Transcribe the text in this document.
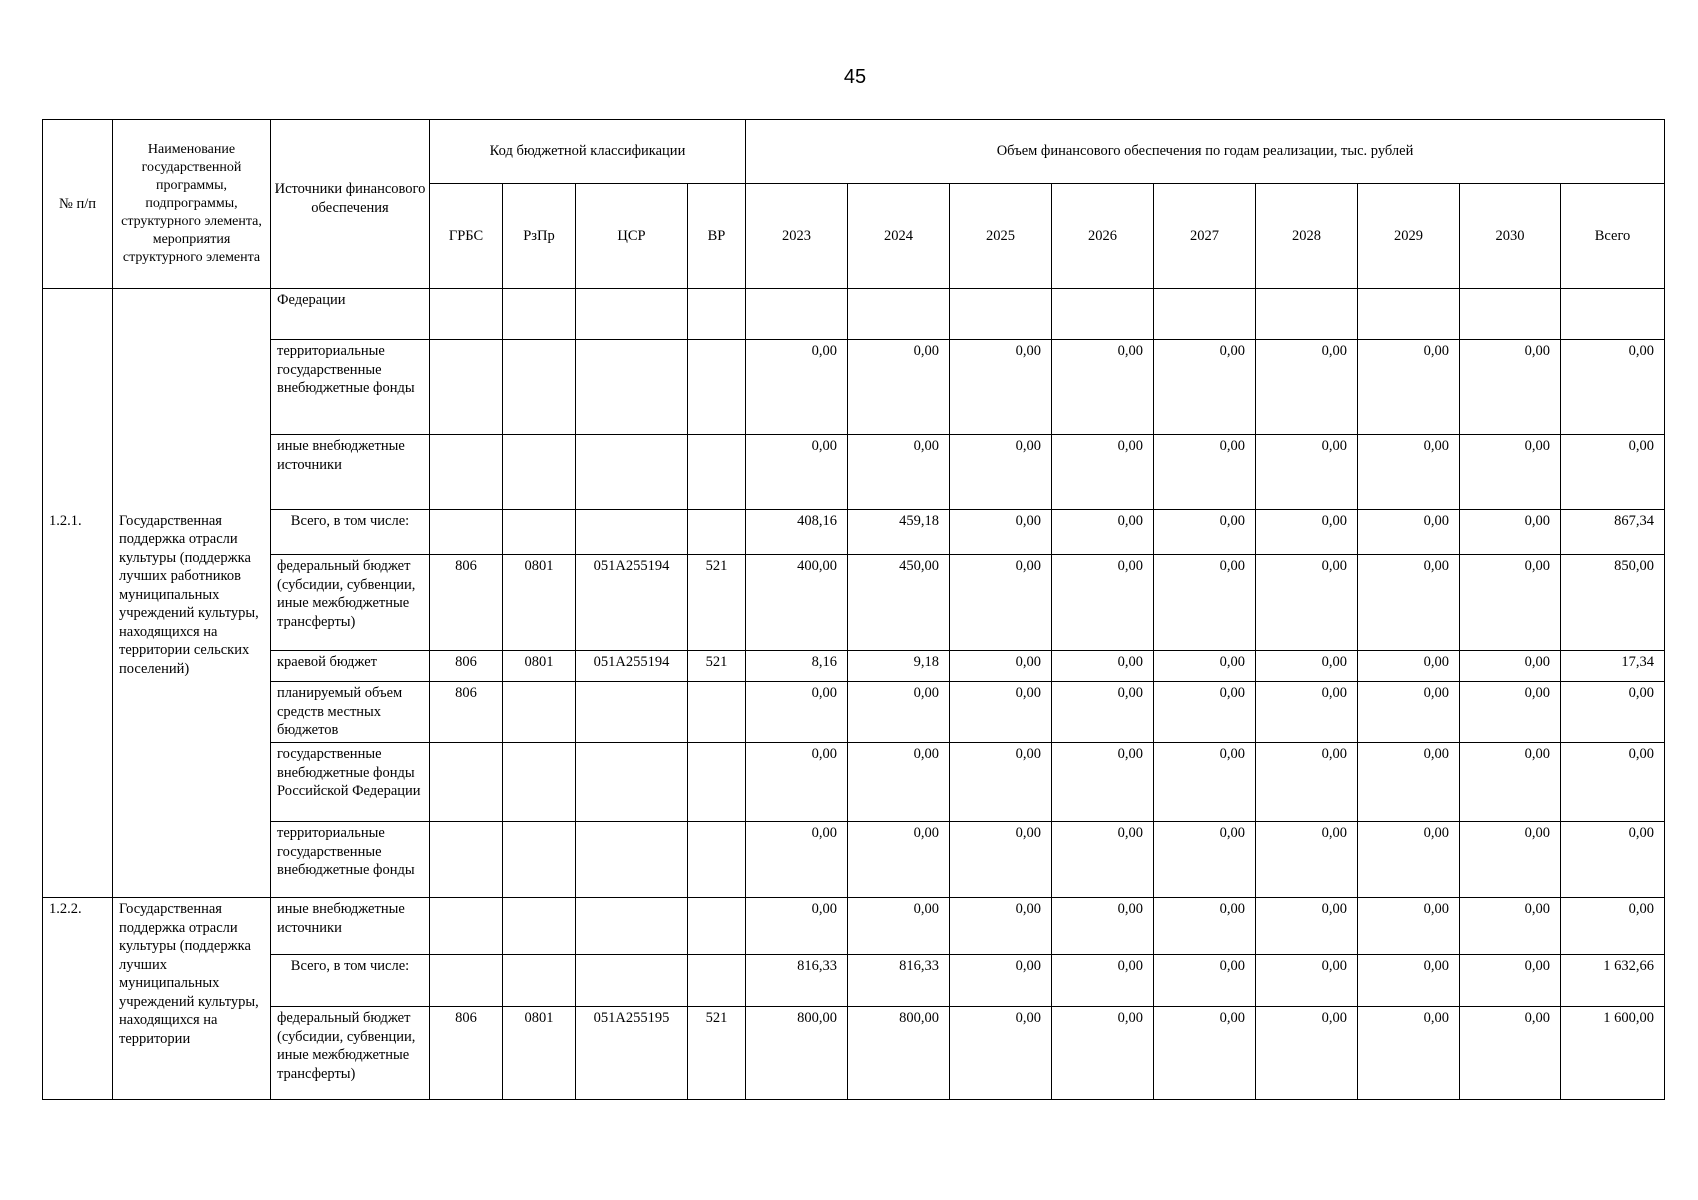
45
№ п/п	Наименование государственной программы, подпрограммы, структурного элемента, мероприятия структурного элемента	Источники финансового обеспечения	Код бюджетной классификации				Объем финансового обеспечения по годам реализации, тыс. рублей								
			ГРБС	РзПр	ЦСР	ВР	2023	2024	2025	2026	2027	2028	2029	2030	Всего
		Федерации													
		территориальные государственные внебюджетные фонды					0,00	0,00	0,00	0,00	0,00	0,00	0,00	0,00	0,00
		иные внебюджетные источники					0,00	0,00	0,00	0,00	0,00	0,00	0,00	0,00	0,00
1.2.1.	Государственная поддержка отрасли культуры (поддержка лучших работников муниципальных учреждений культуры, находящихся на территории сельских поселений)	Всего, в том числе:					408,16	459,18	0,00	0,00	0,00	0,00	0,00	0,00	867,34
		федеральный бюджет (субсидии, субвенции, иные межбюджетные трансферты)	806	0801	051А255194	521	400,00	450,00	0,00	0,00	0,00	0,00	0,00	0,00	850,00
		краевой бюджет	806	0801	051А255194	521	8,16	9,18	0,00	0,00	0,00	0,00	0,00	0,00	17,34
		планируемый объем средств местных бюджетов	806				0,00	0,00	0,00	0,00	0,00	0,00	0,00	0,00	0,00
		государственные внебюджетные фонды Российской Федерации					0,00	0,00	0,00	0,00	0,00	0,00	0,00	0,00	0,00
		территориальные государственные внебюджетные фонды					0,00	0,00	0,00	0,00	0,00	0,00	0,00	0,00	0,00
1.2.2.	Государственная поддержка отрасли культуры (поддержка лучших муниципальных учреждений культуры, находящихся на территории	иные внебюджетные источники					0,00	0,00	0,00	0,00	0,00	0,00	0,00	0,00	0,00
		Всего, в том числе:					816,33	816,33	0,00	0,00	0,00	0,00	0,00	0,00	1 632,66
		федеральный бюджет (субсидии, субвенции, иные межбюджетные трансферты)	806	0801	051А255195	521	800,00	800,00	0,00	0,00	0,00	0,00	0,00	0,00	1 600,00
